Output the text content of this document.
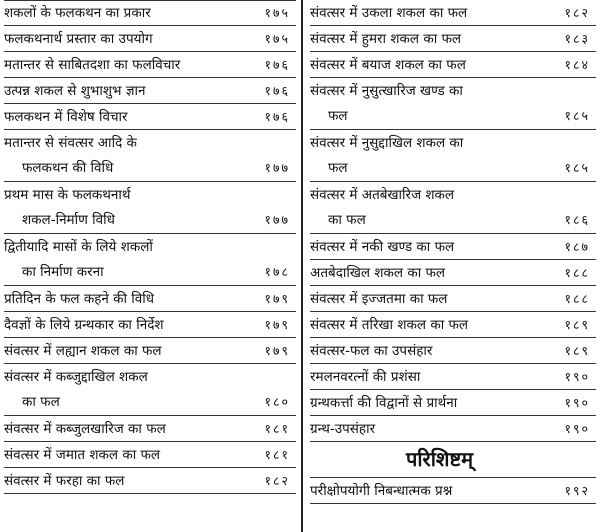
शकलों के फलकथन का प्रकार	१७५
फलकथनार्थ प्रस्तार का उपयोग	१७५
मतान्तर से साबितदशा का फलविचार	१७६
उत्पन्न शकल से शुभाशुभ ज्ञान	१७६
फलकथन में विशेष विचार	१७६
मतान्तर से संवत्सर आदि के
फलकथन की विधि	१७७
प्रथम मास के फलकथनार्थ
शकल-निर्माण विधि	१७७
द्वितीयादि मासों के लिये शकलों
का निर्माण करना	१७८
प्रतिदिन के फल कहने की विधि	१७९
दैवज्ञों के लिये ग्रन्थकार का निर्देश	१७९
संवत्सर में लह्यान शकल का फल	१७९
संवत्सर में कब्जुद्दाखिल शकल
का फल	१८०
संवत्सर में कब्जुलखारिज का फल	१८१
संवत्सर में जमात शकल का फल	१८१
संवत्सर में फरहा का फल	१८२
संवत्सर में उकला शकल का फल	१८२
संवत्सर में हुमरा शकल का फल	१८३
संवत्सर में बयाज शकल का फल	१८४
संवत्सर में नुसुत्खारिज खण्ड का
फल	१८५
संवत्सर में नुसुद्दाखिल शकल का
फल	१८५
संवत्सर में अतबेखारिज शकल
का फल	१८६
संवत्सर में नकी खण्ड का फल	१८७
अतबेदाखिल शकल का फल	१८८
संवत्सर में इज्जतमा का फल	१८८
संवत्सर में तरिखा शकल का फल	१८९
संवत्सर-फल का उपसंहार	१८९
रमलनवरत्नों की प्रशंसा	१९०
ग्रन्थकर्त्ता की विद्वानों से प्रार्थना	१९०
ग्रन्थ-उपसंहार	१९०
परिशिष्टम्
परीक्षोपयोगी निबन्धात्मक प्रश्न	१९२
